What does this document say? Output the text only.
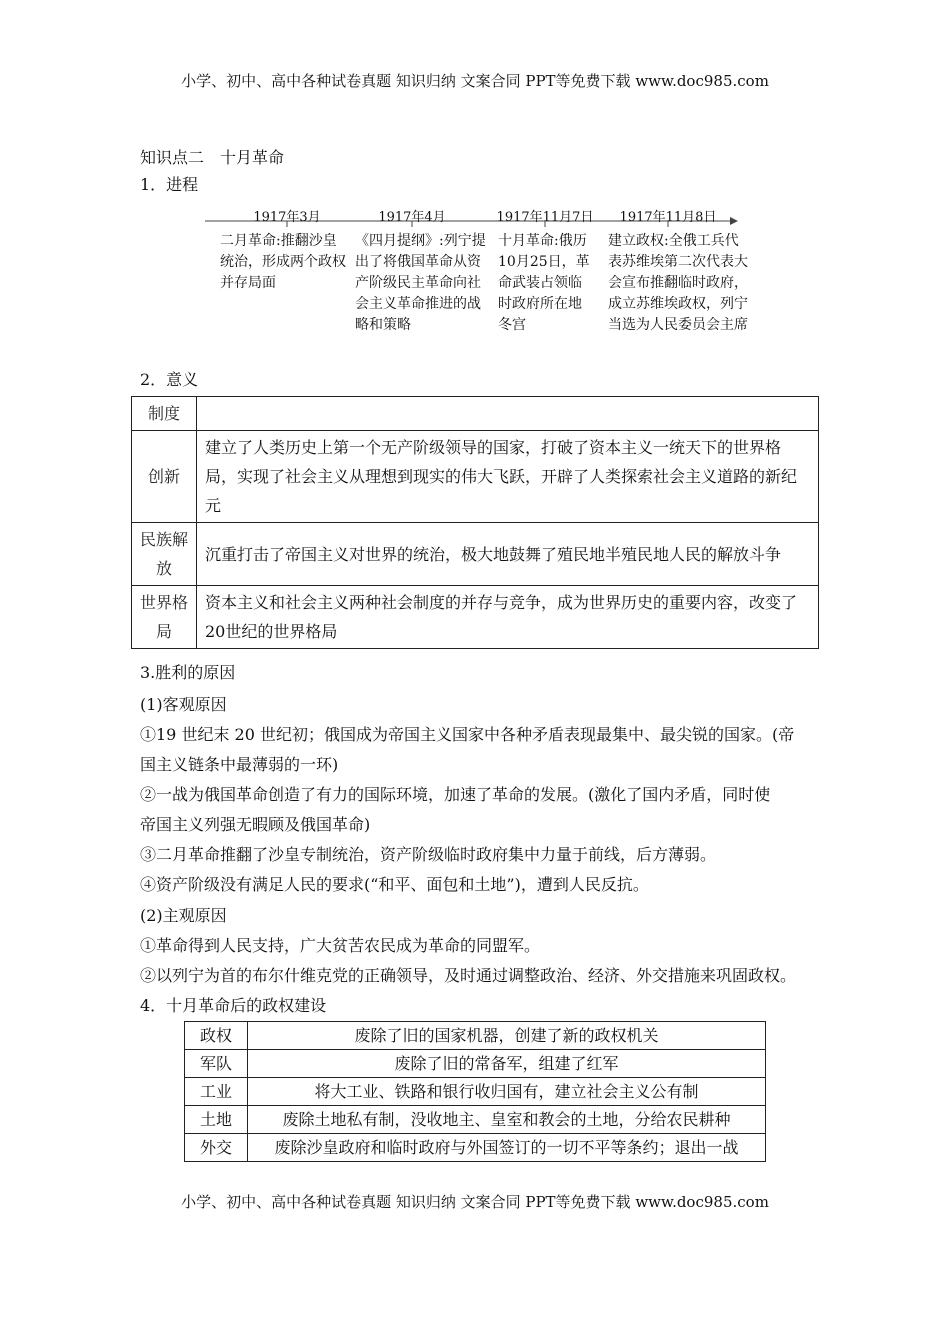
小学、初中、高中各种试卷真题 知识归纳 文案合同 PPT等免费下载 www.doc985.com
知识点二　十月革命
1．进程
1917年3月	1917年4月	1917年11月7日 1917年11月8日
二月革命:推翻沙皇统治，形成两个政权并存局面
《四月提纲》:列宁提出了将俄国革命从资产阶级民主革命向社会主义革命推进的战略和策略
十月革命:俄历10月25日，革命武装占领临时政府所在地冬宫
建立政权:全俄工兵代表苏维埃第二次代表大会宣布推翻临时政府，成立苏维埃政权，列宁当选为人民委员会主席
2．意义
制度	
创新	建立了人类历史上第一个无产阶级领导的国家，打破了资本主义一统天下的世界格局，实现了社会主义从理想到现实的伟大飞跃，开辟了人类探索社会主义道路的新纪元
民族解放	沉重打击了帝国主义对世界的统治，极大地鼓舞了殖民地半殖民地人民的解放斗争
世界格局	资本主义和社会主义两种社会制度的并存与竞争，成为世界历史的重要内容，改变了20世纪的世界格局
3.胜利的原因
(1)客观原因
①19 世纪末 20 世纪初；俄国成为帝国主义国家中各种矛盾表现最集中、最尖锐的国家。(帝
国主义链条中最薄弱的一环)
②一战为俄国革命创造了有力的国际环境，加速了革命的发展。(激化了国内矛盾，同时使
帝国主义列强无暇顾及俄国革命)
③二月革命推翻了沙皇专制统治，资产阶级临时政府集中力量于前线，后方薄弱。
④资产阶级没有满足人民的要求(“和平、面包和土地”)，遭到人民反抗。
(2)主观原因
①革命得到人民支持，广大贫苦农民成为革命的同盟军。
②以列宁为首的布尔什维克党的正确领导，及时通过调整政治、经济、外交措施来巩固政权。
4．十月革命后的政权建设
政权	废除了旧的国家机器，创建了新的政权机关
军队	废除了旧的常备军，组建了红军
工业	将大工业、铁路和银行收归国有，建立社会主义公有制
土地	废除土地私有制，没收地主、皇室和教会的土地，分给农民耕种
外交	废除沙皇政府和临时政府与外国签订的一切不平等条约；退出一战
小学、初中、高中各种试卷真题 知识归纳 文案合同 PPT等免费下载 www.doc985.com
